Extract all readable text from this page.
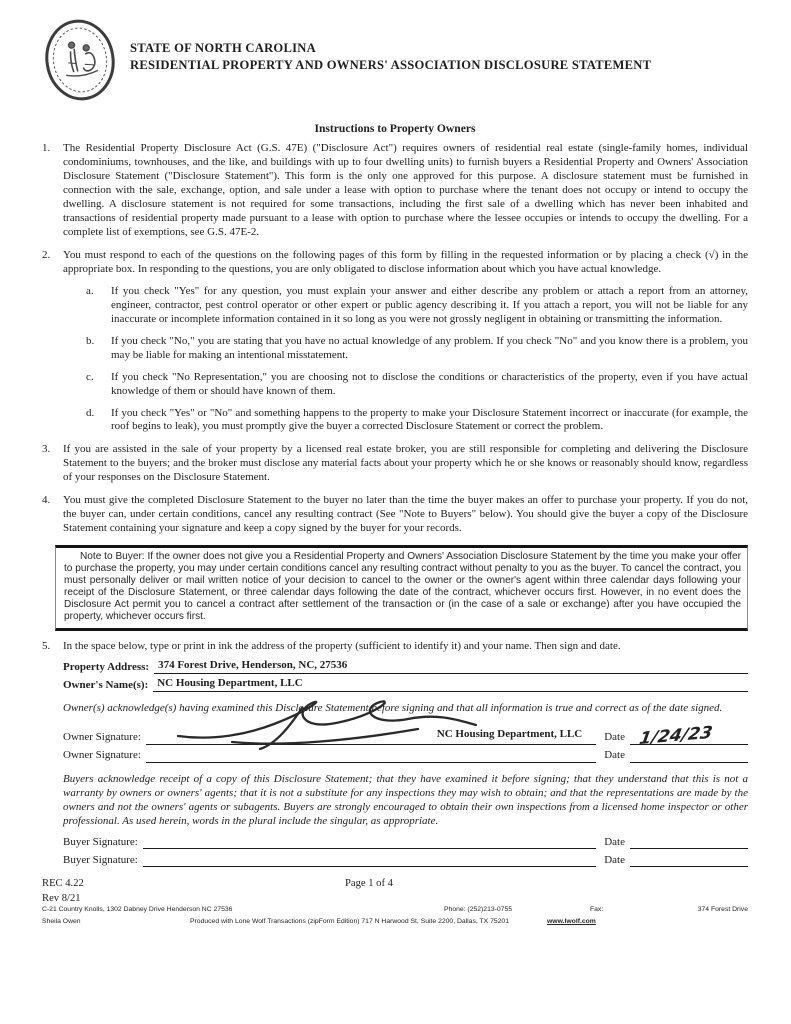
STATE OF NORTH CAROLINA
RESIDENTIAL PROPERTY AND OWNERS' ASSOCIATION DISCLOSURE STATEMENT
Instructions to Property Owners
1.	The Residential Property Disclosure Act (G.S. 47E) ("Disclosure Act") requires owners of residential real estate (single-family homes, individual condominiums, townhouses, and the like, and buildings with up to four dwelling units) to furnish buyers a Residential Property and Owners' Association Disclosure Statement ("Disclosure Statement"). This form is the only one approved for this purpose. A disclosure statement must be furnished in connection with the sale, exchange, option, and sale under a lease with option to purchase where the tenant does not occupy or intend to occupy the dwelling. A disclosure statement is not required for some transactions, including the first sale of a dwelling which has never been inhabited and transactions of residential property made pursuant to a lease with option to purchase where the lessee occupies or intends to occupy the dwelling. For a complete list of exemptions, see G.S. 47E-2.
2.	You must respond to each of the questions on the following pages of this form by filling in the requested information or by placing a check (√) in the appropriate box. In responding to the questions, you are only obligated to disclose information about which you have actual knowledge.
a.	If you check "Yes" for any question, you must explain your answer and either describe any problem or attach a report from an attorney, engineer, contractor, pest control operator or other expert or public agency describing it. If you attach a report, you will not be liable for any inaccurate or incomplete information contained in it so long as you were not grossly negligent in obtaining or transmitting the information.
b.	If you check "No," you are stating that you have no actual knowledge of any problem. If you check "No" and you know there is a problem, you may be liable for making an intentional misstatement.
c.	If you check "No Representation," you are choosing not to disclose the conditions or characteristics of the property, even if you have actual knowledge of them or should have known of them.
d.	If you check "Yes" or "No" and something happens to the property to make your Disclosure Statement incorrect or inaccurate (for example, the roof begins to leak), you must promptly give the buyer a corrected Disclosure Statement or correct the problem.
3.	If you are assisted in the sale of your property by a licensed real estate broker, you are still responsible for completing and delivering the Disclosure Statement to the buyers; and the broker must disclose any material facts about your property which he or she knows or reasonably should know, regardless of your responses on the Disclosure Statement.
4.	You must give the completed Disclosure Statement to the buyer no later than the time the buyer makes an offer to purchase your property. If you do not, the buyer can, under certain conditions, cancel any resulting contract (See "Note to Buyers" below). You should give the buyer a copy of the Disclosure Statement containing your signature and keep a copy signed by the buyer for your records.
Note to Buyer: If the owner does not give you a Residential Property and Owners' Association Disclosure Statement by the time you make your offer to purchase the property, you may under certain conditions cancel any resulting contract without penalty to you as the buyer. To cancel the contract, you must personally deliver or mail written notice of your decision to cancel to the owner or the owner's agent within three calendar days following your receipt of the Disclosure Statement, or three calendar days following the date of the contract, whichever occurs first. However, in no event does the Disclosure Act permit you to cancel a contract after settlement of the transaction or (in the case of a sale or exchange) after you have occupied the property, whichever occurs first.
5.	In the space below, type or print in ink the address of the property (sufficient to identify it) and your name. Then sign and date.
Property Address: 374 Forest Drive, Henderson, NC, 27536
Owner's Name(s): NC Housing Department, LLC
Owner(s) acknowledge(s) having examined this Disclosure Statement before signing and that all information is true and correct as of the date signed.
Owner Signature:	NC Housing Department, LLC Date 1/24/23
Owner Signature:	Date
Buyers acknowledge receipt of a copy of this Disclosure Statement; that they have examined it before signing; that they understand that this is not a warranty by owners or owners' agents; that it is not a substitute for any inspections they may wish to obtain; and that the representations are made by the owners and not the owners' agents or subagents. Buyers are strongly encouraged to obtain their own inspections from a licensed home inspector or other professional. As used herein, words in the plural include the singular, as appropriate.
Buyer Signature:	Date
Buyer Signature:	Date
REC 4.22	Page 1 of 4
Rev 8/21
C-21 Country Knolls, 1302 Dabney Drive Henderson NC 27536	Phone: (252)213-0755	Fax:	374 Forest Drive
Sheila Owen	Produced with Lone Wolf Transactions (zipForm Edition) 717 N Harwood St, Suite 2200, Dallas, TX 75201	www.lwolf.com
